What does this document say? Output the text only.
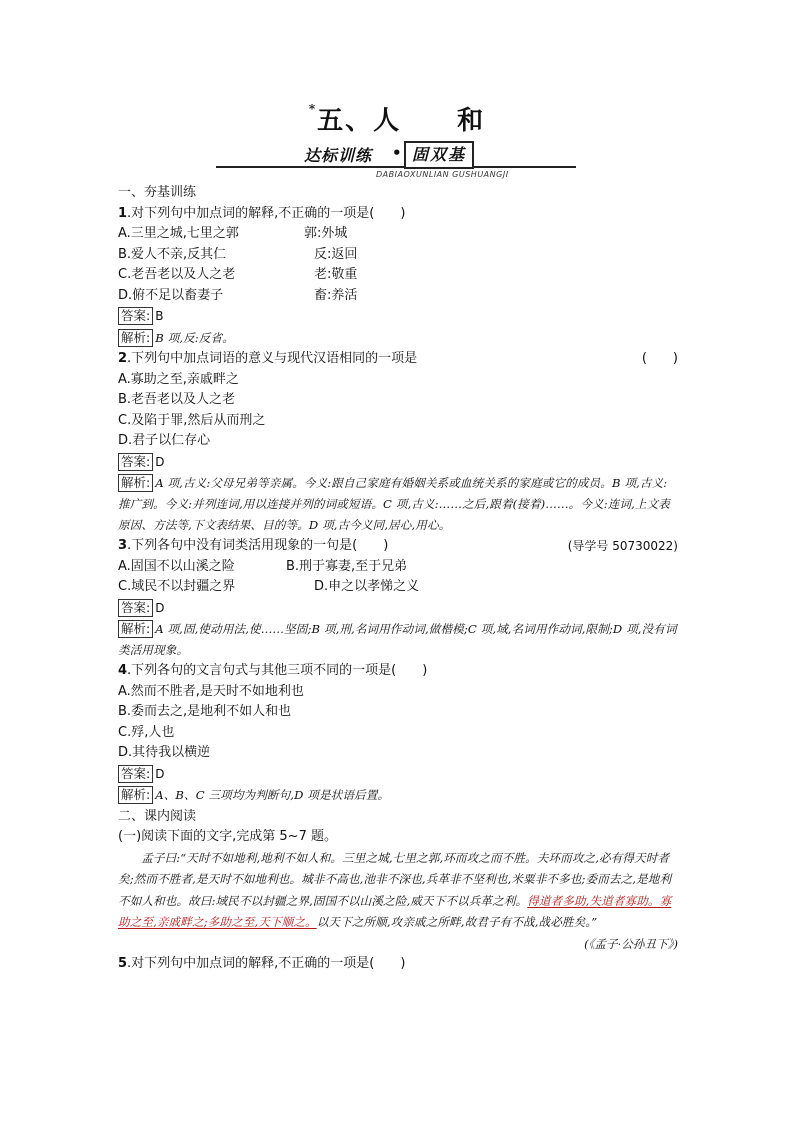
*五、人　　和
达标训练 • 固双基
DABIAOXUNLIAN GUSHUANGJI
一、夯基训练
1.对下列句中加点词的解释,不正确的一项是(　　)
A.三里之城,七里之郭	郭:外城
B.爱人不亲,反其仁	反:返回
C.老吾老以及人之老	老:敬重
D.俯不足以畜妻子	畜:养活
答案: B
解析: B 项,反:反省。
2.下列句中加点词语的意义与现代汉语相同的一项是	(　　)
A.寡助之至,亲戚畔之
B.老吾老以及人之老
C.及陷于罪,然后从而刑之
D.君子以仁存心
答案: D
解析: A 项,古义:父母兄弟等亲属。今义:跟自己家庭有婚姻关系或血统关系的家庭或它的成员。B 项,古义:推广到。今义:并列连词,用以连接并列的词或短语。C 项,古义:……之后,跟着(接着)……。今义:连词,上文表原因、方法等,下文表结果、目的等。D 项,古今义同,居心,用心。
3.下列各句中没有词类活用现象的一句是(　　)	(导学号 50730022)
A.固国不以山溪之险	B.刑于寡妻,至于兄弟
C.域民不以封疆之界	D.申之以孝悌之义
答案: D
解析: A 项,固,使动用法,使……坚固;B 项,刑,名词用作动词,做楷模;C 项,域,名词用作动词,限制;D 项,没有词类活用现象。
4.下列各句的文言句式与其他三项不同的一项是(　　)
A.然而不胜者,是天时不如地利也
B.委而去之,是地利不如人和也
C.殍,人也
D.其待我以横逆
答案: D
解析: A、B、C 三项均为判断句,D 项是状语后置。
二、课内阅读
(一)阅读下面的文字,完成第 5~7 题。
孟子曰:“天时不如地利,地利不如人和。三里之城,七里之郭,环而攻之而不胜。夫环而攻之,必有得天时者矣;然而不胜者,是天时不如地利也。城非不高也,池非不深也,兵革非不坚利也,米粟非不多也;委而去之,是地利不如人和也。故曰:域民不以封疆之界,固国不以山溪之险,威天下不以兵革之利。得道者多助,失道者寡助。寡助之至,亲戚畔之;多助之至,天下顺之。以天下之所顺,攻亲戚之所畔,故君子有不战,战必胜矣。”
(《孟子·公孙丑下》)
5.对下列句中加点词的解释,不正确的一项是(　　)
